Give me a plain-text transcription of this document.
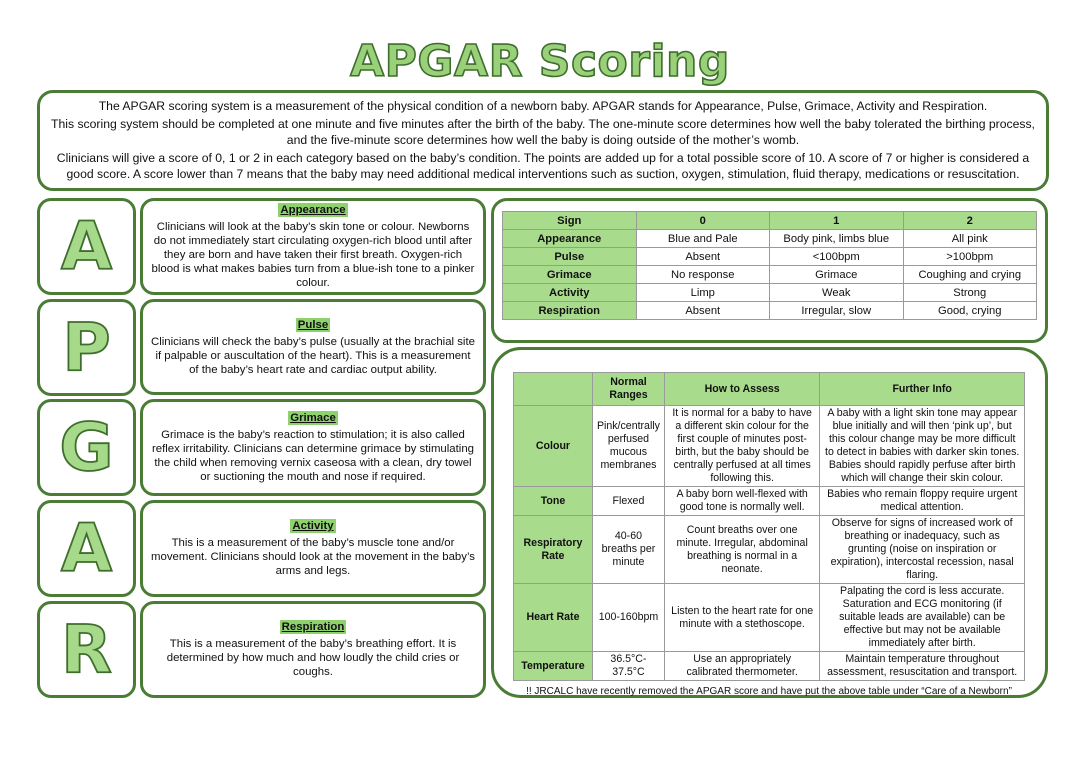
APGAR Scoring

The APGAR scoring system is a measurement of the physical condition of a newborn baby. APGAR stands for Appearance, Pulse, Grimace, Activity and Respiration.

This scoring system should be completed at one minute and five minutes after the birth of the baby. The one-minute score determines how well the baby tolerated the birthing process, and the five-minute score determines how well the baby is doing outside of the mother’s womb.

Clinicians will give a score of 0, 1 or 2 in each category based on the baby’s condition. The points are added up for a total possible score of 10. A score of 7 or higher is considered a good score. A score lower than 7 means that the baby may need additional medical interventions such as suction, oxygen, stimulation, fluid therapy, medications or resuscitation.

A
P
G
A
R
Appearance

Clinicians will look at the baby’s skin tone or colour. Newborns do not immediately start circulating oxygen-rich blood until after they are born and have taken their first breath. Oxygen-rich blood is what makes babies turn from a blue-ish tone to a pinker colour.

Pulse

Clinicians will check the baby’s pulse (usually at the brachial site if palpable or auscultation of the heart). This is a measurement of the baby’s heart rate and cardiac output ability.

Grimace

Grimace is the baby’s reaction to stimulation; it is also called reflex irritability. Clinicians can determine grimace by stimulating the child when removing vernix caseosa with a clean, dry towel or suctioning the mouth and nose if required.

Activity

This is a measurement of the baby’s muscle tone and/or movement. Clinicians should look at the movement in the baby’s arms and legs.

Respiration

This is a measurement of the baby’s breathing effort. It is determined by how much and how loudly the child cries or coughs.

Sign	0	1	2
Appearance	Blue and Pale	Body pink, limbs blue	All pink
Pulse	Absent	<100bpm	>100bpm
Grimace	No response	Grimace	Coughing and crying
Activity	Limp	Weak	Strong
Respiration	Absent	Irregular, slow	Good, crying
	Normal Ranges	How to Assess	Further Info
Colour	Pink/centrally perfused mucous membranes	It is normal for a baby to have a different skin colour for the first couple of minutes post-birth, but the baby should be centrally perfused at all times following this.	A baby with a light skin tone may appear blue initially and will then ‘pink up’, but this colour change may be more difficult to detect in babies with darker skin tones. Babies should rapidly perfuse after birth which will change their skin colour.
Tone	Flexed	A baby born well-flexed with good tone is normally well.	Babies who remain floppy require urgent medical attention.
Respiratory Rate	40-60 breaths per minute	Count breaths over one minute. Irregular, abdominal breathing is normal in a neonate.	Observe for signs of increased work of breathing or inadequacy, such as grunting (noise on inspiration or expiration), intercostal recession, nasal flaring.
Heart Rate	100-160bpm	Listen to the heart rate for one minute with a stethoscope.	Palpating the cord is less accurate. Saturation and ECG monitoring (if suitable leads are available) can be effective but may not be available immediately after birth.
Temperature	36.5°C-37.5°C	Use an appropriately calibrated thermometer.	Maintain temperature throughout assessment, resuscitation and transport.
!! JRCALC have recently removed the APGAR score and have put the above table under “Care of a Newborn”
